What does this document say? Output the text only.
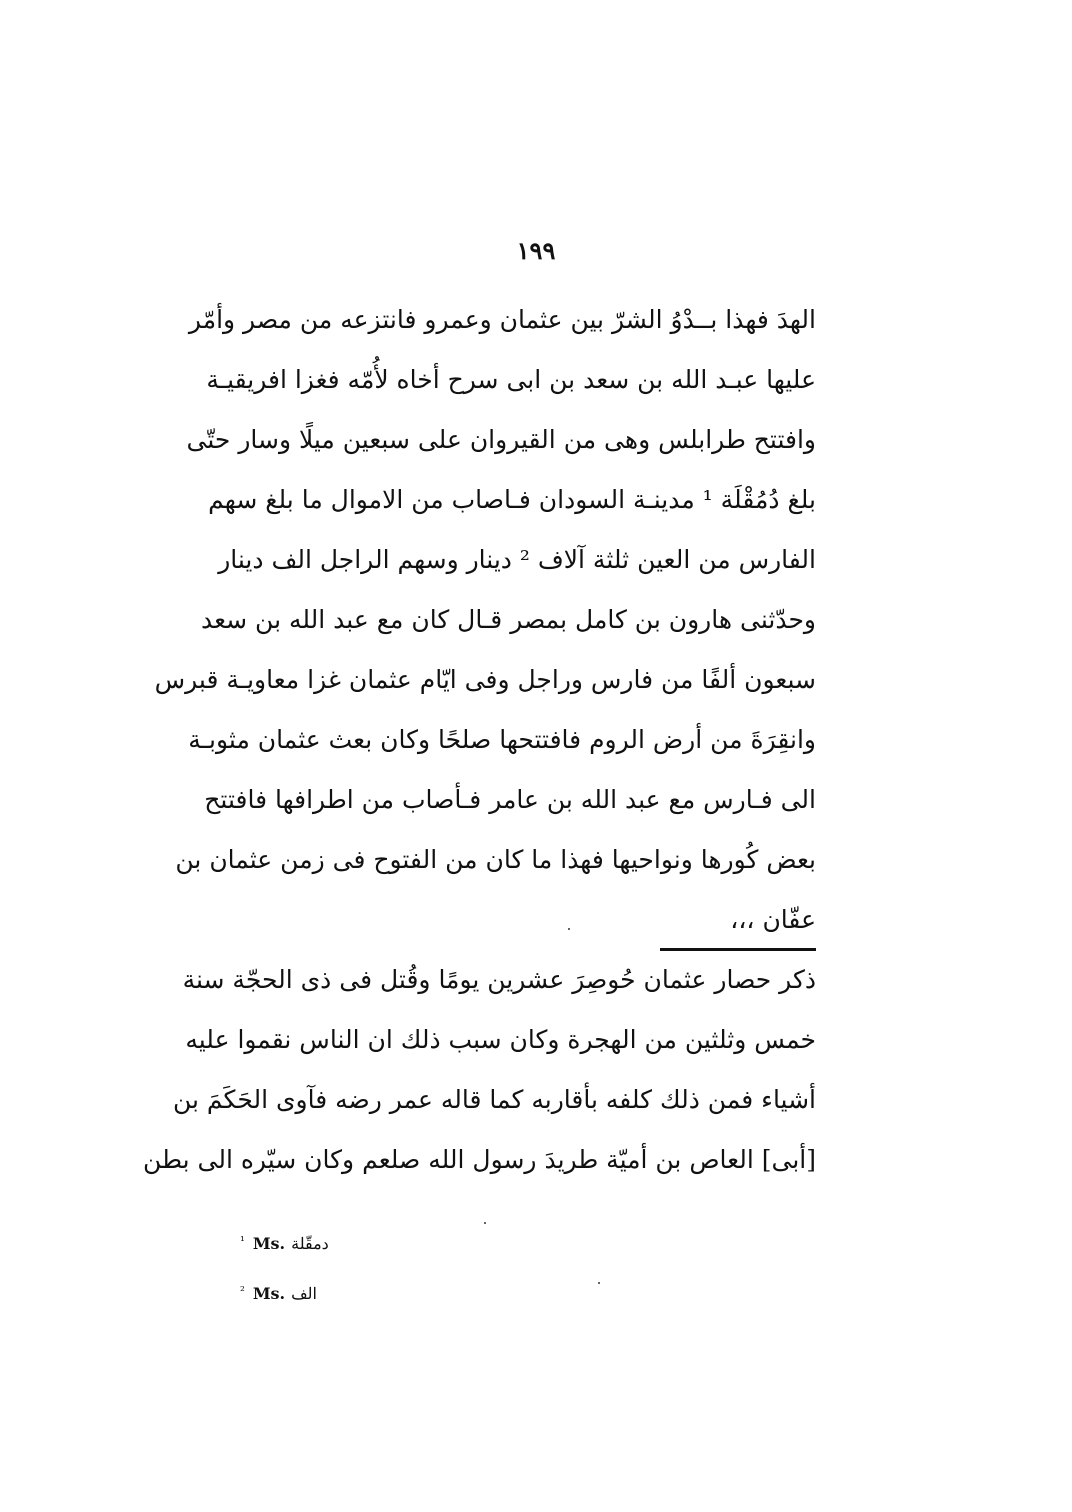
١٩٩
الهدَ فهذا بــدْوُ الشرّ بين عثمان وعمرو فانتزعه من مصر وأمّر
عليها عبـد الله بن سعد بن ابى سرح أخاه لأُمّه فغزا افريقيـة
وافتتح طرابلس وهى من القيروان على سبعين ميلًا وسار حتّى
بلغ دُمُقْلَة ¹ مدينـة السودان فـاصاب من الاموال ما بلغ سهم
الفارس من العين ثلثة آلاف ² دينار وسهم الراجل الف دينار
وحدّثنى هارون بن كامل بمصر قـال كان مع عبد الله بن سعد
سبعون ألفًا من فارس وراجل وفى ايّام عثمان غزا معاويـة قبرس
وانقِرَةَ من أرض الروم فافتتحها صلحًا وكان بعث عثمان مثوبـة
الى فـارس مع عبد الله بن عامر فـأصاب من اطرافها فافتتح
بعض كُورها ونواحيها فهذا ما كان من الفتوح فى زمن عثمان بن
عفّان ،،،
ذكر حصار عثمان حُوصِرَ عشرين يومًا وقُتل فى ذى الحجّة سنة
خمس وثلثين من الهجرة وكان سبب ذلك ان الناس نقموا عليه
أشياء فمن ذلك كلفه بأقاربه كما قاله عمر رضه فآوى الحَكَمَ بن
[أبى] العاص بن أميّة طريدَ رسول الله صلعم وكان سيّره الى بطن
$^{^1}$ Ms. دمقّلة
$^{^2}$ Ms. الف
